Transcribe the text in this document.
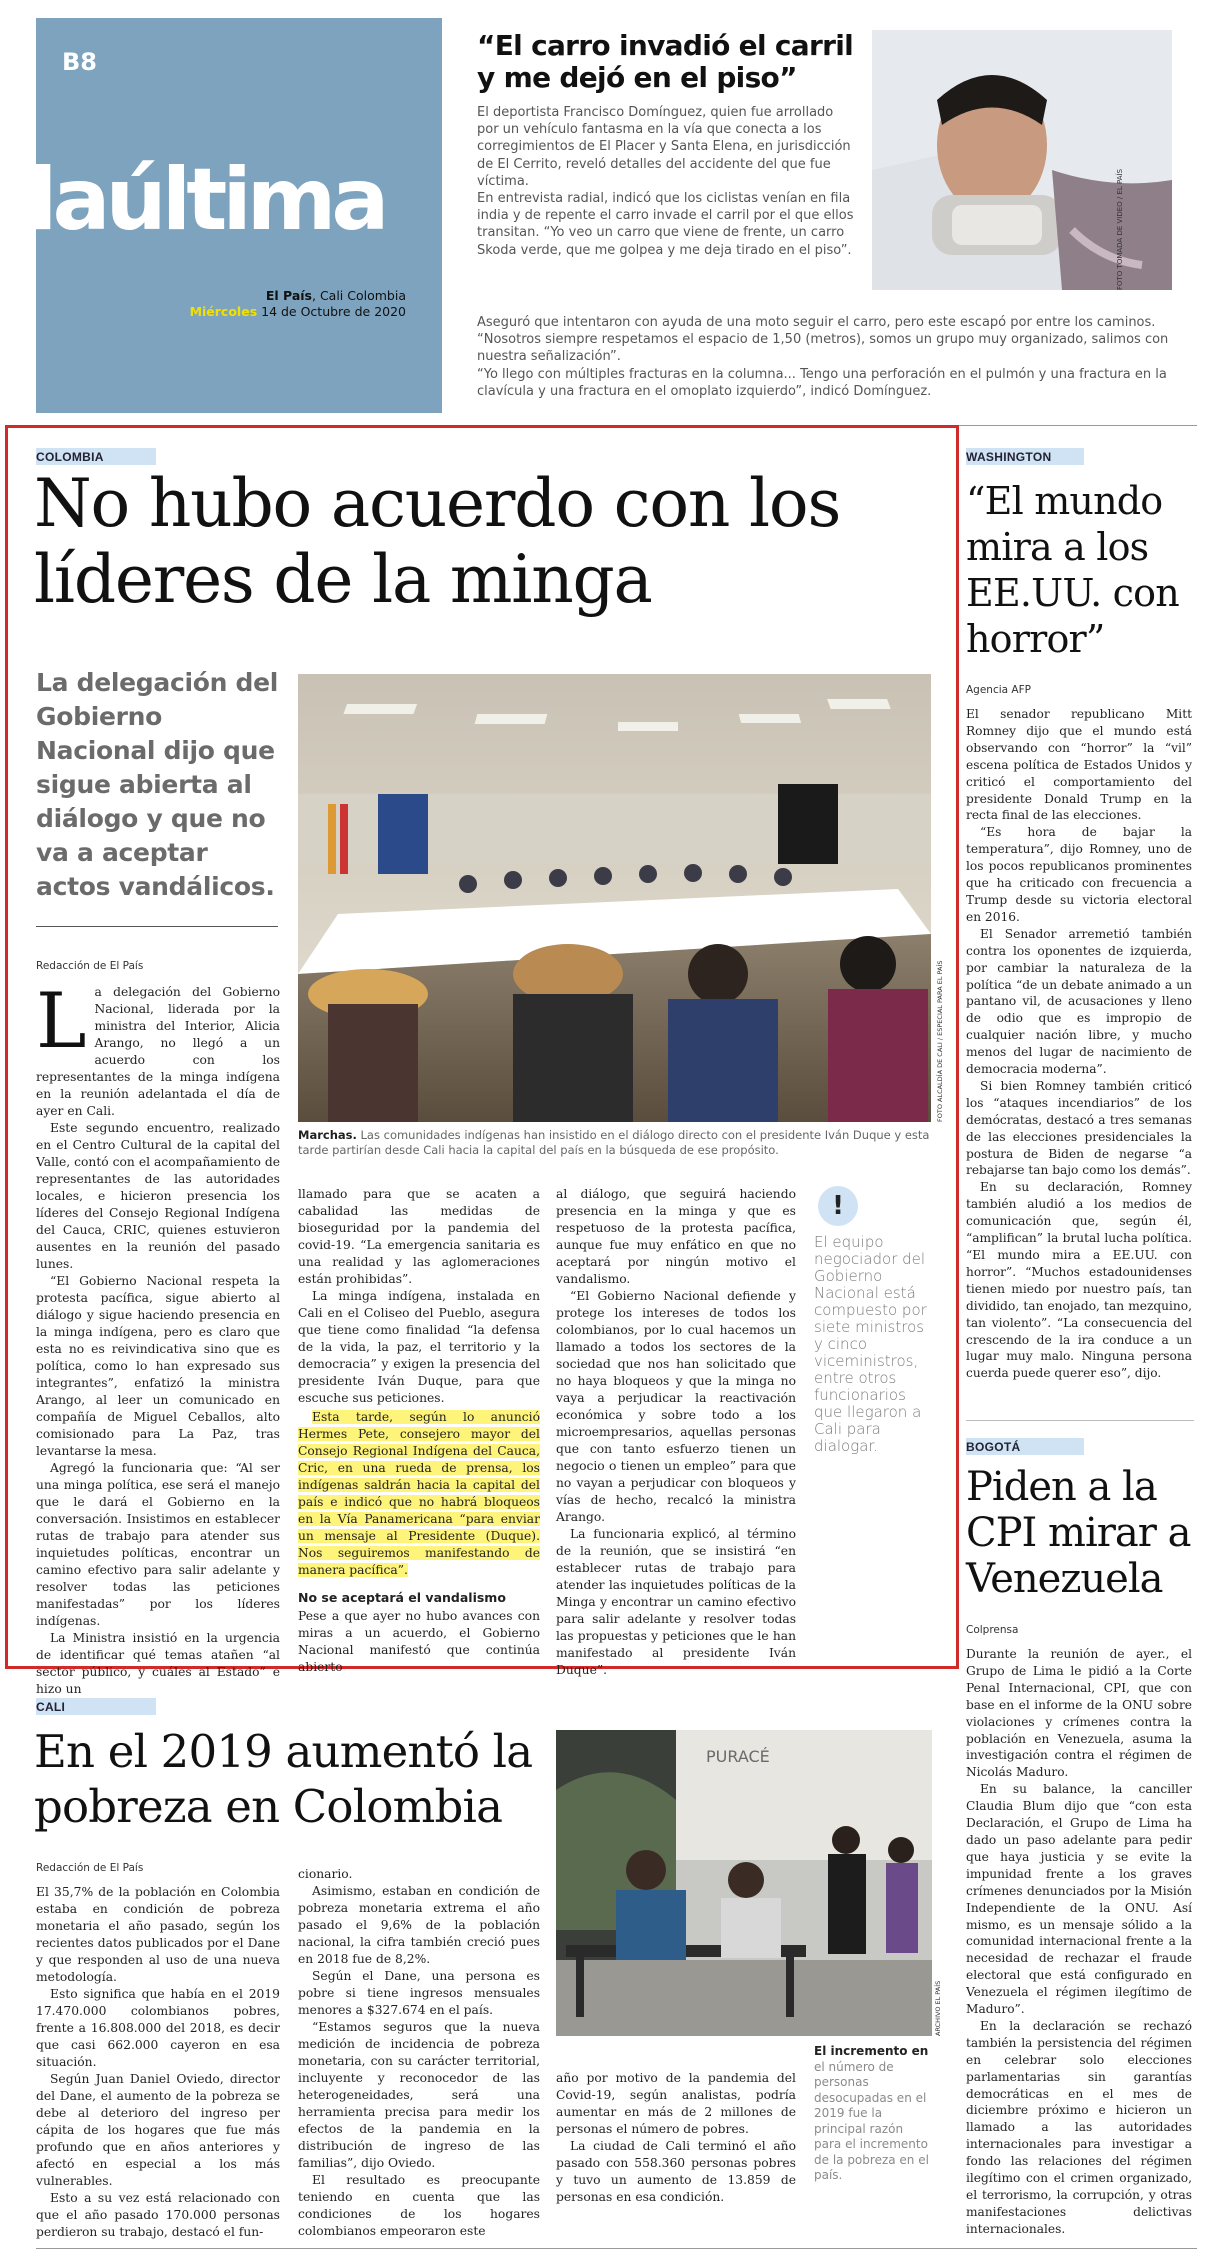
B8
laúltima
El País, Cali Colombia
Miércoles 14 de Octubre de 2020
“El carro invadió el carril y me dejó en el piso”

El deportista Francisco Domínguez, quien fue arrollado por un vehículo fantasma en la vía que conecta a los corregimientos de El Placer y Santa Elena, en jurisdicción de El Cerrito, reveló detalles del accidente del que fue víctima.

En entrevista radial, indicó que los ciclistas venían en fila india y de repente el carro invade el carril por el que ellos transitan. “Yo veo un carro que viene de frente, un carro Skoda verde, que me golpea y me deja tirado en el piso”.

Aseguró que intentaron con ayuda de una moto seguir el carro, pero este escapó por entre los caminos. “Nosotros siempre respetamos el espacio de 1,50 (metros), somos un grupo muy organizado, salimos con nuestra señalización”.

“Yo llego con múltiples fracturas en la columna... Tengo una perforación en el pulmón y una fractura en la clavícula y una fractura en el omoplato izquierdo”, indicó Domínguez.

FOTO TOMADA DE VIDEO / EL PAÍS
COLOMBIA
No hubo acuerdo con los líderes de la minga
La delegación del Gobierno Nacional dijo que sigue abierta al diálogo y que no va a aceptar actos vandálicos.
FOTO ALCALDÍA DE CALI / ESPECIAL PARA EL PAÍS
Marchas. Las comunidades indígenas han insistido en el diálogo directo con el presidente Iván Duque y esta tarde partirían desde Cali hacia la capital del país en la búsqueda de ese propósito.
Redacción de El País
L a delegación del Gobierno Nacional, liderada por la ministra del Interior, Alicia Arango, no llegó a un acuerdo con los representantes de la minga indígena en la reunión adelantada el día de ayer en Cali.

Este segundo encuentro, realizado en el Centro Cultural de la capital del Valle, contó con el acompañamiento de representantes de las autoridades locales, e hicieron presencia los líderes del Consejo Regional Indígena del Cauca, CRIC, quienes estuvieron ausentes en la reunión del pasado lunes.

“El Gobierno Nacional respeta la protesta pacífica, sigue abierto al diálogo y sigue haciendo presencia en la minga indígena, pero es claro que esta no es reivindicativa sino que es política, como lo han expresado sus integrantes”, enfatizó la ministra Arango, al leer un comunicado en compañía de Miguel Ceballos, alto comisionado para La Paz, tras levantarse la mesa.

Agregó la funcionaria que: “Al ser una minga política, ese será el manejo que le dará el Gobierno en la conversación. Insistimos en establecer rutas de trabajo para atender sus inquietudes políticas, encontrar un camino efectivo para salir adelante y resolver todas las peticiones manifestadas” por los líderes indígenas.

La Ministra insistió en la urgencia de identificar qué temas atañen “al sector público, y cuáles al Estado” e hizo un

llamado para que se acaten a cabalidad las medidas de bioseguridad por la pandemia del covid-19. “La emergencia sanitaria es una realidad y las aglomeraciones están prohibidas”.

La minga indígena, instalada en Cali en el Coliseo del Pueblo, asegura que tiene como finalidad “la defensa de la vida, la paz, el territorio y la democracia” y exigen la presencia del presidente Iván Duque, para que escuche sus peticiones.

Esta tarde, según lo anunció Hermes Pete, consejero mayor del Consejo Regional Indígena del Cauca, Cric, en una rueda de prensa, los indígenas saldrán hacia la capital del país e indicó que no habrá bloqueos en la Vía Panamericana “para enviar un mensaje al Presidente (Duque). Nos seguiremos manifestando de manera pacífica”.

No se aceptará el vandalismo

Pese a que ayer no hubo avances con miras a un acuerdo, el Gobierno Nacional manifestó que continúa abierto

al diálogo, que seguirá haciendo presencia en la minga y que es respetuoso de la protesta pacífica, aunque fue muy enfático en que no aceptará por ningún motivo el vandalismo.

“El Gobierno Nacional defiende y protege los intereses de todos los colombianos, por lo cual hacemos un llamado a todos los sectores de la sociedad que nos han solicitado que no haya bloqueos y que la minga no vaya a perjudicar la reactivación económica y sobre todo a los microempresarios, aquellas personas que con tanto esfuerzo tienen un negocio o tienen un empleo” para que no vayan a perjudicar con bloqueos y vías de hecho, recalcó la ministra Arango.

La funcionaria explicó, al término de la reunión, que se insistirá “en establecer rutas de trabajo para atender las inquietudes políticas de la Minga y encontrar un camino efectivo para salir adelante y resolver todas las propuestas y peticiones que le han manifestado al presidente Iván Duque”.

!
El equipo negociador del Gobierno Nacional está compuesto por siete ministros y cinco viceministros, entre otros funcionarios que llegaron a Cali para dialogar.
WASHINGTON
“El mundo mira a los EE.UU. con horror”
Agencia AFP

El senador republicano Mitt Romney dijo que el mundo está observando con “horror” la “vil” escena política de Estados Unidos y criticó el comportamiento del presidente Donald Trump en la recta final de las elecciones.

“Es hora de bajar la temperatura”, dijo Romney, uno de los pocos republicanos prominentes que ha criticado con frecuencia a Trump desde su victoria electoral en 2016.

El Senador arremetió también contra los oponentes de izquierda, por cambiar la naturaleza de la política “de un debate animado a un pantano vil, de acusaciones y lleno de odio que es impropio de cualquier nación libre, y mucho menos del lugar de nacimiento de democracia moderna”.

Si bien Romney también criticó los “ataques incendiarios” de los demócratas, destacó a tres semanas de las elecciones presidenciales la postura de Biden de negarse “a rebajarse tan bajo como los demás”.

En su declaración, Romney también aludió a los medios de comunicación que, según él, “amplifican” la brutal lucha política. “El mundo mira a EE.UU. con horror”. “Muchos estadounidenses tienen miedo por nuestro país, tan dividido, tan enojado, tan mezquino, tan violento”. “La consecuencia del crescendo de la ira conduce a un lugar muy malo. Ninguna persona cuerda puede querer eso”, dijo.

BOGOTÁ
Piden a la CPI mirar a Venezuela
Colprensa

Durante la reunión de ayer., el Grupo de Lima le pidió a la Corte Penal Internacional, CPI, que con base en el informe de la ONU sobre violaciones y crímenes contra la población en Venezuela, asuma la investigación contra el régimen de Nicolás Maduro.

En su balance, la canciller Claudia Blum dijo que “con esta Declaración, el Grupo de Lima ha dado un paso adelante para pedir que haya justicia y se evite la impunidad frente a los graves crímenes denunciados por la Misión Independiente de la ONU. Así mismo, es un mensaje sólido a la comunidad internacional frente a la necesidad de rechazar el fraude electoral que está configurado en Venezuela el régimen ilegítimo de Maduro”.

En la declaración se rechazó también la persistencia del régimen en celebrar solo elecciones parlamentarias sin garantías democráticas en el mes de diciembre próximo e hicieron un llamado a las autoridades internacionales para investigar a fondo las relaciones del régimen ilegítimo con el crimen organizado, el terrorismo, la corrupción, y otras manifestaciones delictivas internacionales.

CALI
En el 2019 aumentó la pobreza en Colombia
Redacción de El País

El 35,7% de la población en Colombia estaba en condición de pobreza monetaria el año pasado, según los recientes datos publicados por el Dane y que responden al uso de una nueva metodología.

Esto significa que había en el 2019 17.470.000 colombianos pobres, frente a 16.808.000 del 2018, es decir que casi 662.000 cayeron en esa situación.

Según Juan Daniel Oviedo, director del Dane, el aumento de la pobreza se debe al deterioro del ingreso per cápita de los hogares que fue más profundo que en años anteriores y afectó en especial a los más vulnerables.

Esto a su vez está relacionado con que el año pasado 170.000 personas perdieron su trabajo, destacó el fun-

cionario.

Asimismo, estaban en condición de pobreza monetaria extrema el año pasado el 9,6% de la población nacional, la cifra también creció pues en 2018 fue de 8,2%.

Según el Dane, una persona es pobre si tiene ingresos mensuales menores a $327.674 en el país.

“Estamos seguros que la nueva medición de incidencia de pobreza monetaria, con su carácter territorial, incluyente y reconocedor de las heterogeneidades, será una herramienta precisa para medir los efectos de la pandemia en la distribución de ingreso de las familias”, dijo Oviedo.

El resultado es preocupante teniendo en cuenta que las condiciones de los hogares colombianos empeoraron este

año por motivo de la pandemia del Covid-19, según analistas, podría aumentar en más de 2 millones de personas el número de pobres.

La ciudad de Cali terminó el año pasado con 558.360 personas pobres y tuvo un aumento de 13.859 de personas en esa condición.

PURACÉ
ARCHIVO EL PAÍS
El incremento en el número de personas desocupadas en el 2019 fue la principal razón para el incremento de la pobreza en el país.
